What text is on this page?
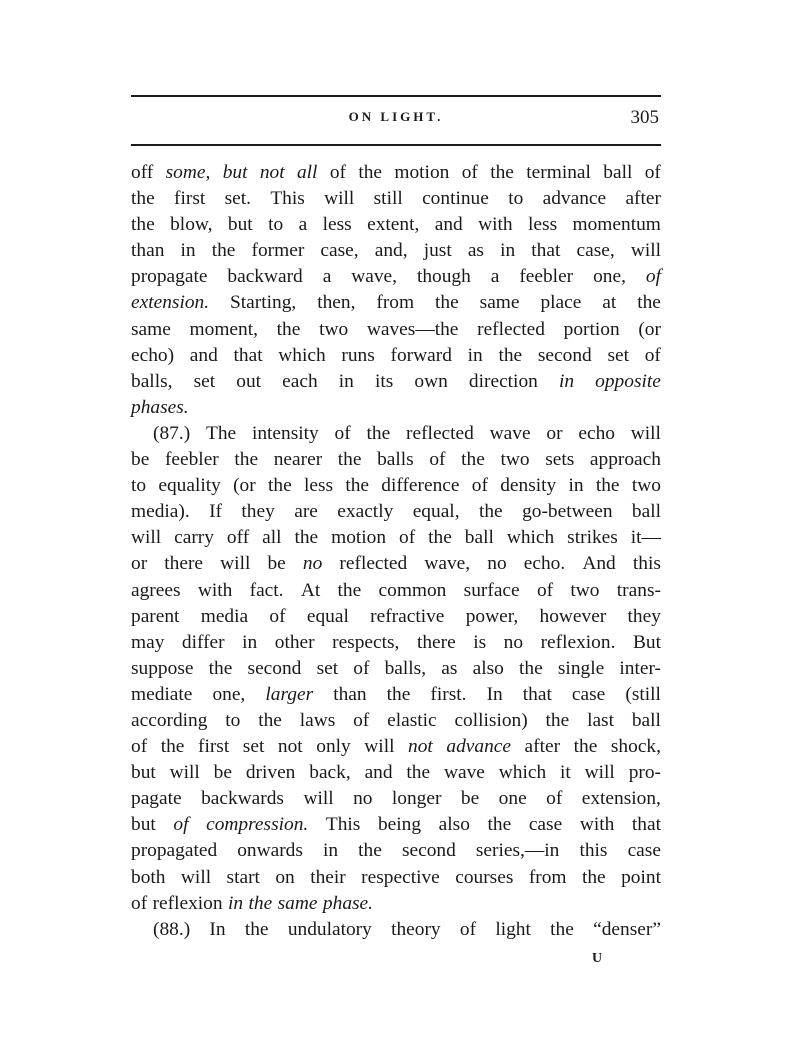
ON LIGHT.	305
off some, but not all of the motion of the terminal ball of
the first set. This will still continue to advance after
the blow, but to a less extent, and with less momentum
than in the former case, and, just as in that case, will
propagate backward a wave, though a feebler one, of
extension. Starting, then, from the same place at the
same moment, the two waves—the reflected portion (or
echo) and that which runs forward in the second set of
balls, set out each in its own direction in opposite
phases.
(87.) The intensity of the reflected wave or echo will
be feebler the nearer the balls of the two sets approach
to equality (or the less the difference of density in the two
media). If they are exactly equal, the go-between ball
will carry off all the motion of the ball which strikes it—
or there will be no reflected wave, no echo. And this
agrees with fact. At the common surface of two trans-
parent media of equal refractive power, however they
may differ in other respects, there is no reflexion. But
suppose the second set of balls, as also the single inter-
mediate one, larger than the first. In that case (still
according to the laws of elastic collision) the last ball
of the first set not only will not advance after the shock,
but will be driven back, and the wave which it will pro-
pagate backwards will no longer be one of extension,
but of compression. This being also the case with that
propagated onwards in the second series,—in this case
both will start on their respective courses from the point
of reflexion in the same phase.
(88.) In the undulatory theory of light the “denser”
U
